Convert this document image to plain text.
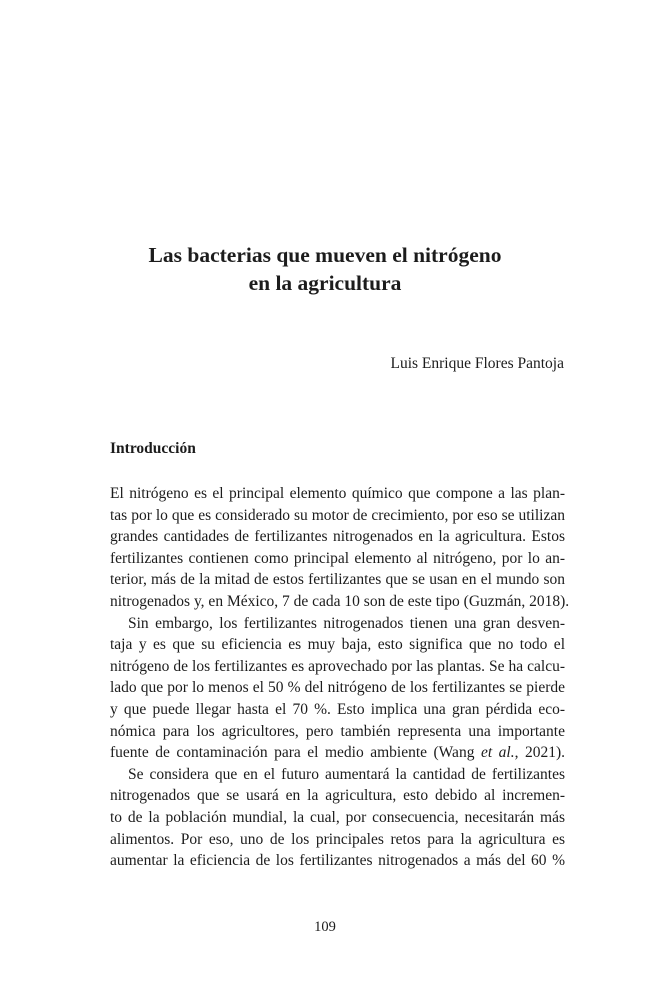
Las bacterias que mueven el nitrógeno
en la agricultura

Luis Enrique Flores Pantoja

Introducción
El nitrógeno es el principal elemento químico que compone a las plan-
tas por lo que es considerado su motor de crecimiento, por eso se utilizan
grandes cantidades de fertilizantes nitrogenados en la agricultura. Estos
fertilizantes contienen como principal elemento al nitrógeno, por lo an-
terior, más de la mitad de estos fertilizantes que se usan en el mundo son
nitrogenados y, en México, 7 de cada 10 son de este tipo (Guzmán, 2018).
Sin embargo, los fertilizantes nitrogenados tienen una gran desven-
taja y es que su eficiencia es muy baja, esto significa que no todo el
nitrógeno de los fertilizantes es aprovechado por las plantas. Se ha calcu-
lado que por lo menos el 50 % del nitrógeno de los fertilizantes se pierde
y que puede llegar hasta el 70 %. Esto implica una gran pérdida eco-
nómica para los agricultores, pero también representa una importante
fuente de contaminación para el medio ambiente (Wang et al., 2021).
Se considera que en el futuro aumentará la cantidad de fertilizantes
nitrogenados que se usará en la agricultura, esto debido al incremen-
to de la población mundial, la cual, por consecuencia, necesitarán más
alimentos. Por eso, uno de los principales retos para la agricultura es
aumentar la eficiencia de los fertilizantes nitrogenados a más del 60 %

109
